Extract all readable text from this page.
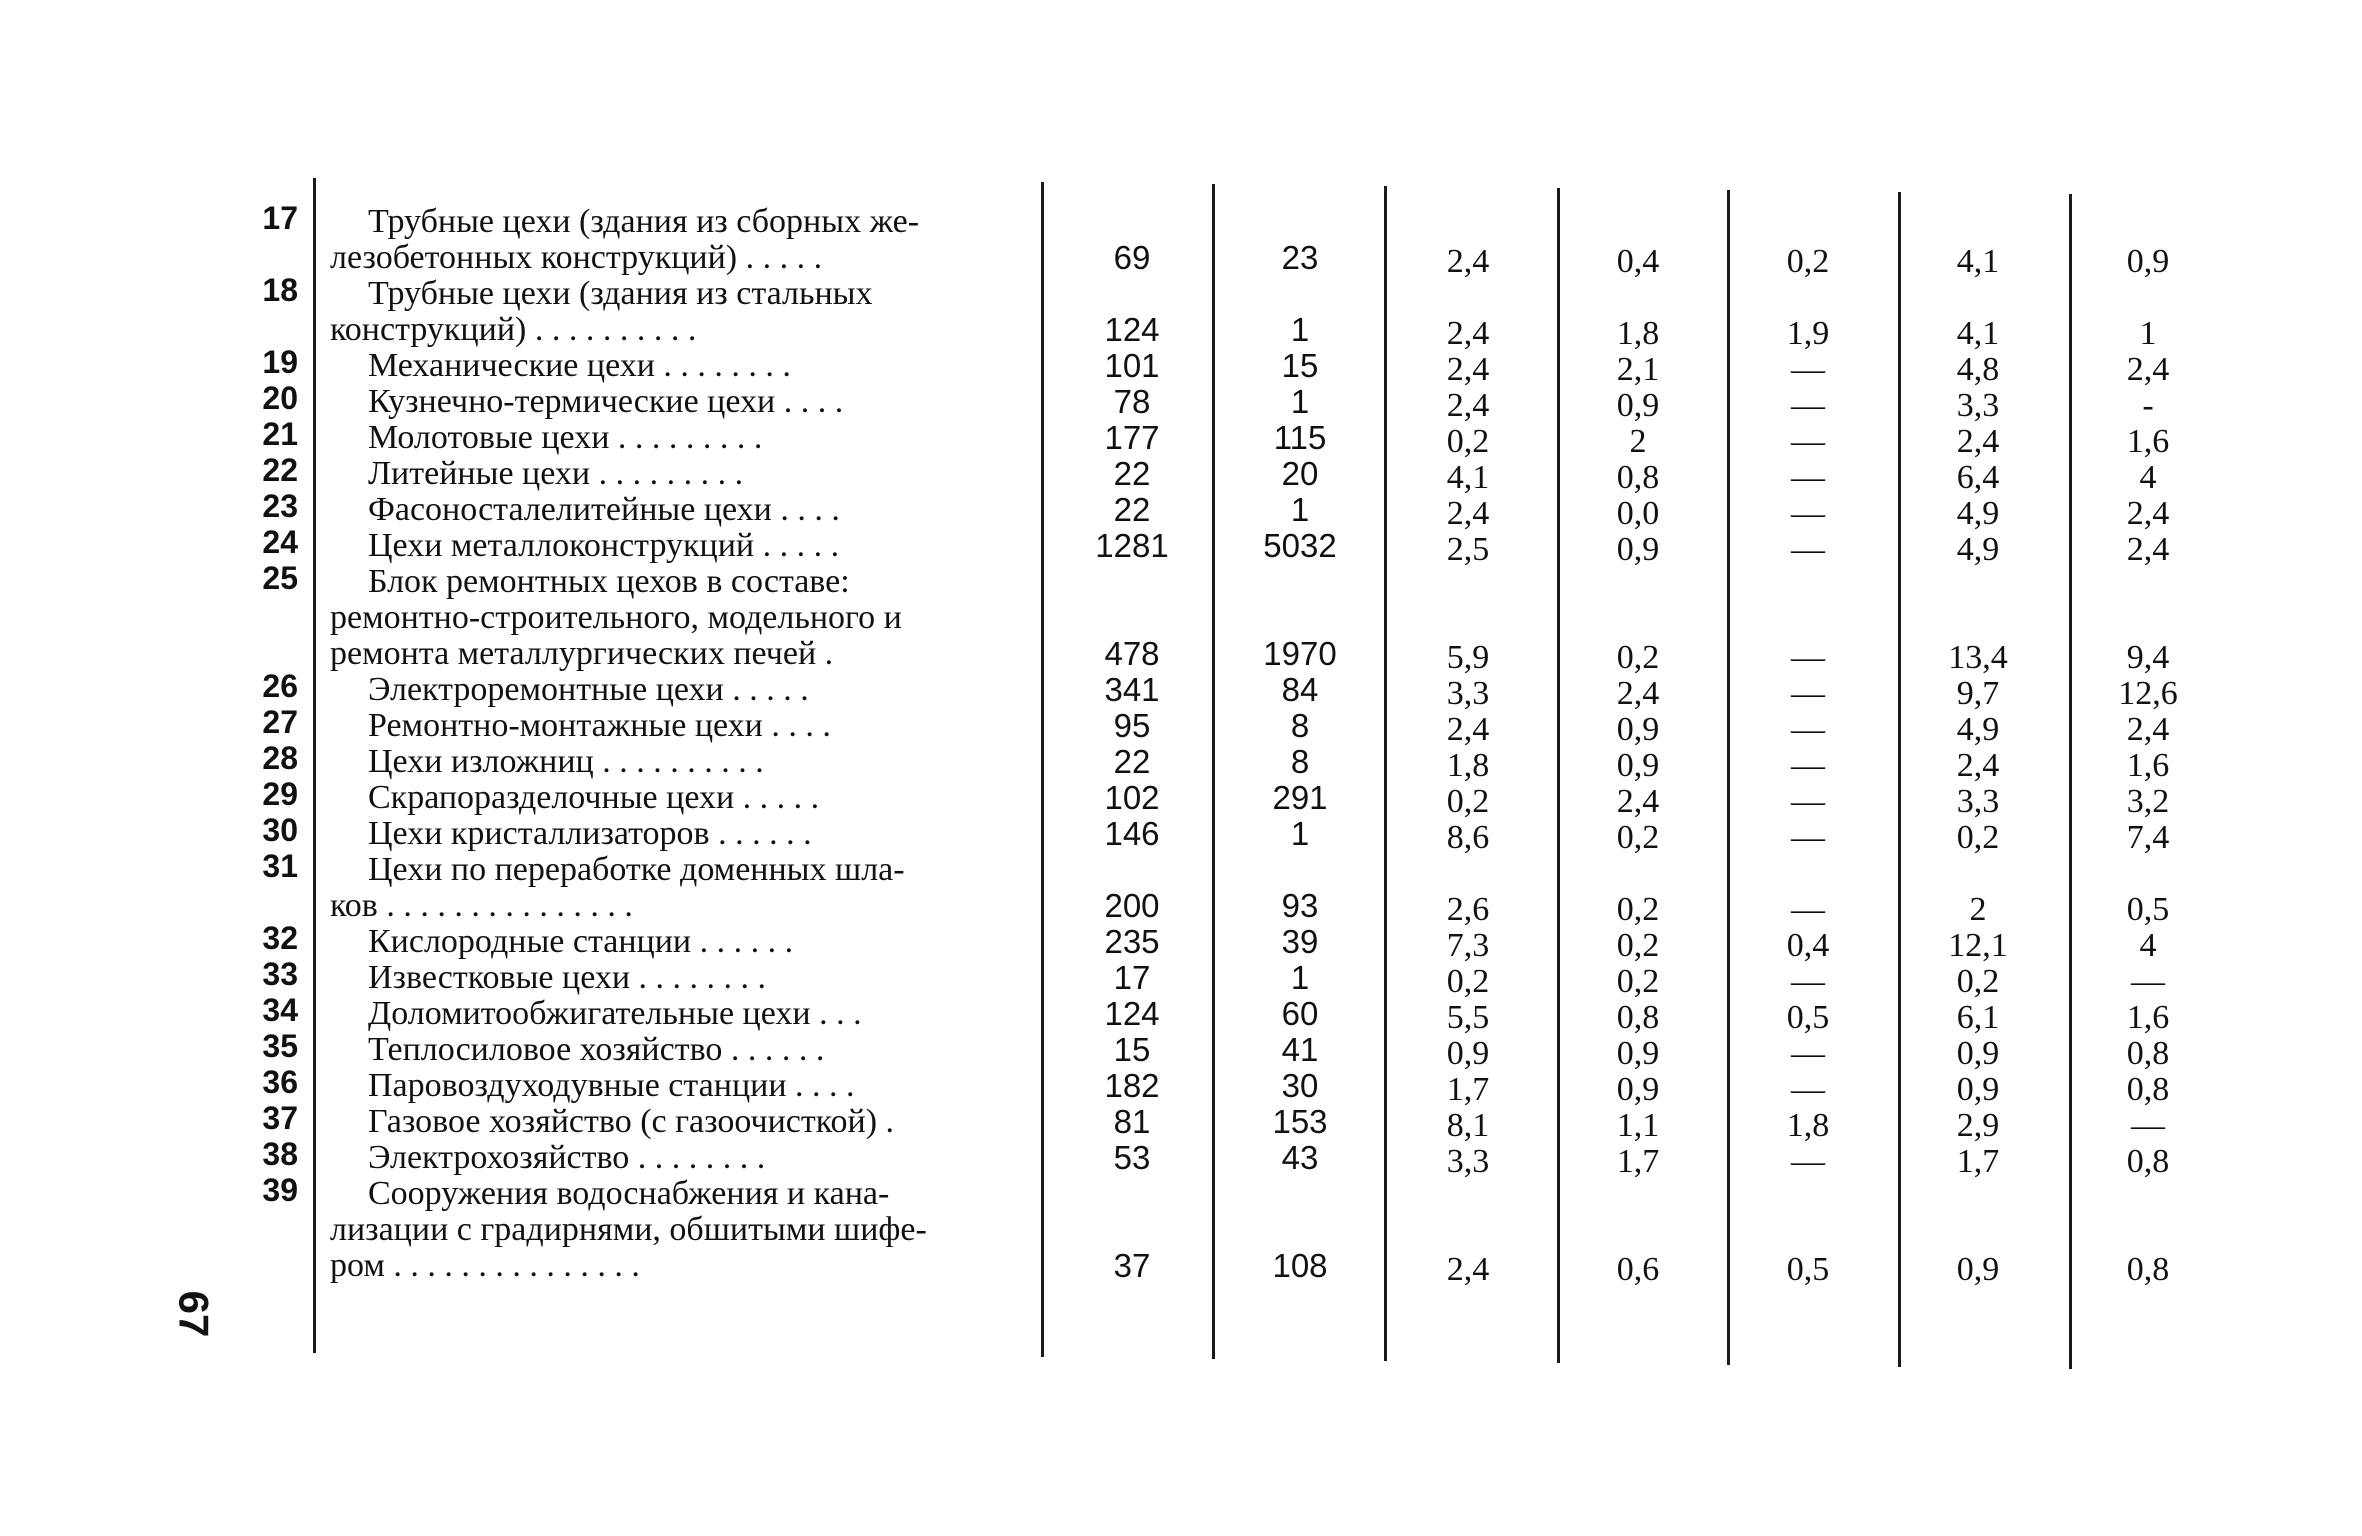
17 Трубные цехи (здания из сборных же-
лезобетонных конструкций) . . . . .	69	23	2,4	0,4	0,2	4,1	0,9
18 Трубные цехи (здания из стальных
конструкций) . . . . . . . . . .	124	1	2,4	1,8	1,9	4,1	1
19 Механические цехи . . . . . . . .	101	15	2,4	2,1	—	4,8	2,4
20 Кузнечно-термические цехи . . . .	78	1	2,4	0,9	—	3,3	-
21 Молотовые цехи . . . . . . . . .	177	115	0,2	2	—	2,4	1,6
22 Литейные цехи . . . . . . . . .	22	20	4,1	0,8	—	6,4	4
23 Фасоносталелитейные цехи . . . .	22	1	2,4	0,0	—	4,9	2,4
24 Цехи металлоконструкций . . . . .	1281	5032	2,5	0,9	—	4,9	2,4
25 Блок ремонтных цехов в составе:
ремонтно-строительного, модельного и
ремонта металлургических печей .	478	1970	5,9	0,2	—	13,4	9,4
26 Электроремонтные цехи . . . . .	341	84	3,3	2,4	—	9,7	12,6
27 Ремонтно-монтажные цехи . . . .	95	8	2,4	0,9	—	4,9	2,4
28 Цехи изложниц . . . . . . . . . .	22	8	1,8	0,9	—	2,4	1,6
29 Скрапоразделочные цехи . . . . .	102	291	0,2	2,4	—	3,3	3,2
30 Цехи кристаллизаторов . . . . . .	146	1	8,6	0,2	—	0,2	7,4
31 Цехи по переработке доменных шла-
ков . . . . . . . . . . . . . . .	200	93	2,6	0,2	—	2	0,5
32 Кислородные станции . . . . . .	235	39	7,3	0,2	0,4	12,1	4
33 Известковые цехи . . . . . . . .	17	1	0,2	0,2	—	0,2	—
34 Доломитообжигательные цехи . . .	124	60	5,5	0,8	0,5	6,1	1,6
35 Теплосиловое хозяйство . . . . . .	15	41	0,9	0,9	—	0,9	0,8
36 Паровоздуходувные станции . . . .	182	30	1,7	0,9	—	0,9	0,8
37 Газовое хозяйство (с газоочисткой) .	81	153	8,1	1,1	1,8	2,9	—
38 Электрохозяйство . . . . . . . .	53	43	3,3	1,7	—	1,7	0,8
39 Сооружения водоснабжения и кана-
лизации с градирнями, обшитыми шифе-
ром . . . . . . . . . . . . . . .	37	108	2,4	0,6	0,5	0,9	0,8
67
